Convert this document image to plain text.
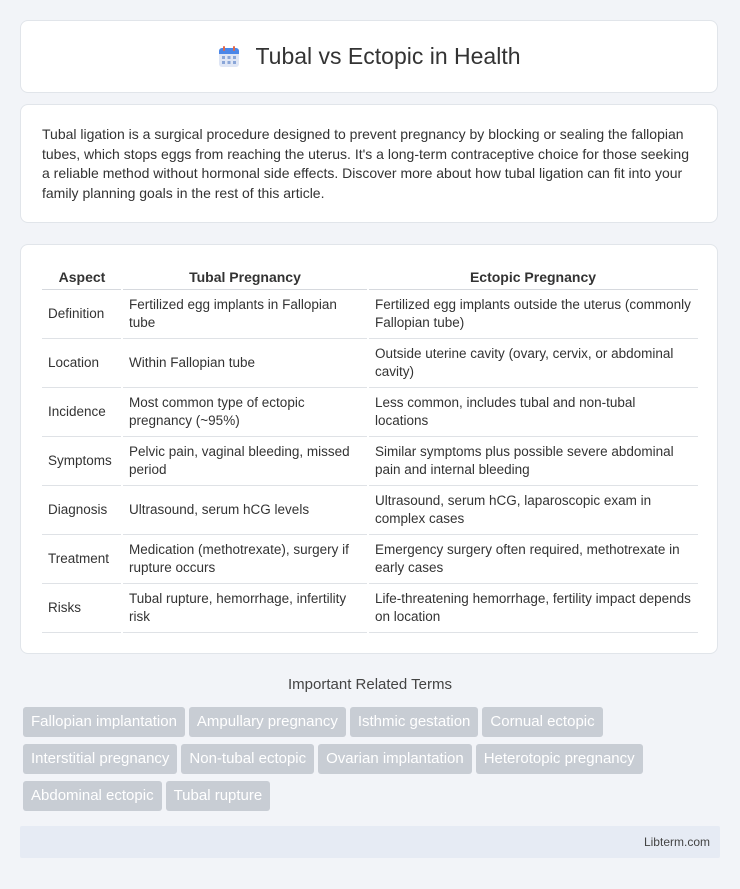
Tubal vs Ectopic in Health

Tubal ligation is a surgical procedure designed to prevent pregnancy by blocking or sealing the fallopian tubes, which stops eggs from reaching the uterus. It's a long-term contraceptive choice for those seeking a reliable method without hormonal side effects. Discover more about how tubal ligation can fit into your family planning goals in the rest of this article.

Aspect	Tubal Pregnancy	Ectopic Pregnancy
Definition	Fertilized egg implants in Fallopian tube	Fertilized egg implants outside the uterus (commonly Fallopian tube)
Location	Within Fallopian tube	Outside uterine cavity (ovary, cervix, or abdominal cavity)
Incidence	Most common type of ectopic pregnancy (~95%)	Less common, includes tubal and non-tubal locations
Symptoms	Pelvic pain, vaginal bleeding, missed period	Similar symptoms plus possible severe abdominal pain and internal bleeding
Diagnosis	Ultrasound, serum hCG levels	Ultrasound, serum hCG, laparoscopic exam in complex cases
Treatment	Medication (methotrexate), surgery if rupture occurs	Emergency surgery often required, methotrexate in early cases
Risks	Tubal rupture, hemorrhage, infertility risk	Life-threatening hemorrhage, fertility impact depends on location
Important Related Terms
Fallopian implantation Ampullary pregnancy Isthmic gestation Cornual ectopicInterstitial pregnancy Non-tubal ectopic Ovarian implantation Heterotopic pregnancyAbdominal ectopic Tubal rupture
Libterm.com
